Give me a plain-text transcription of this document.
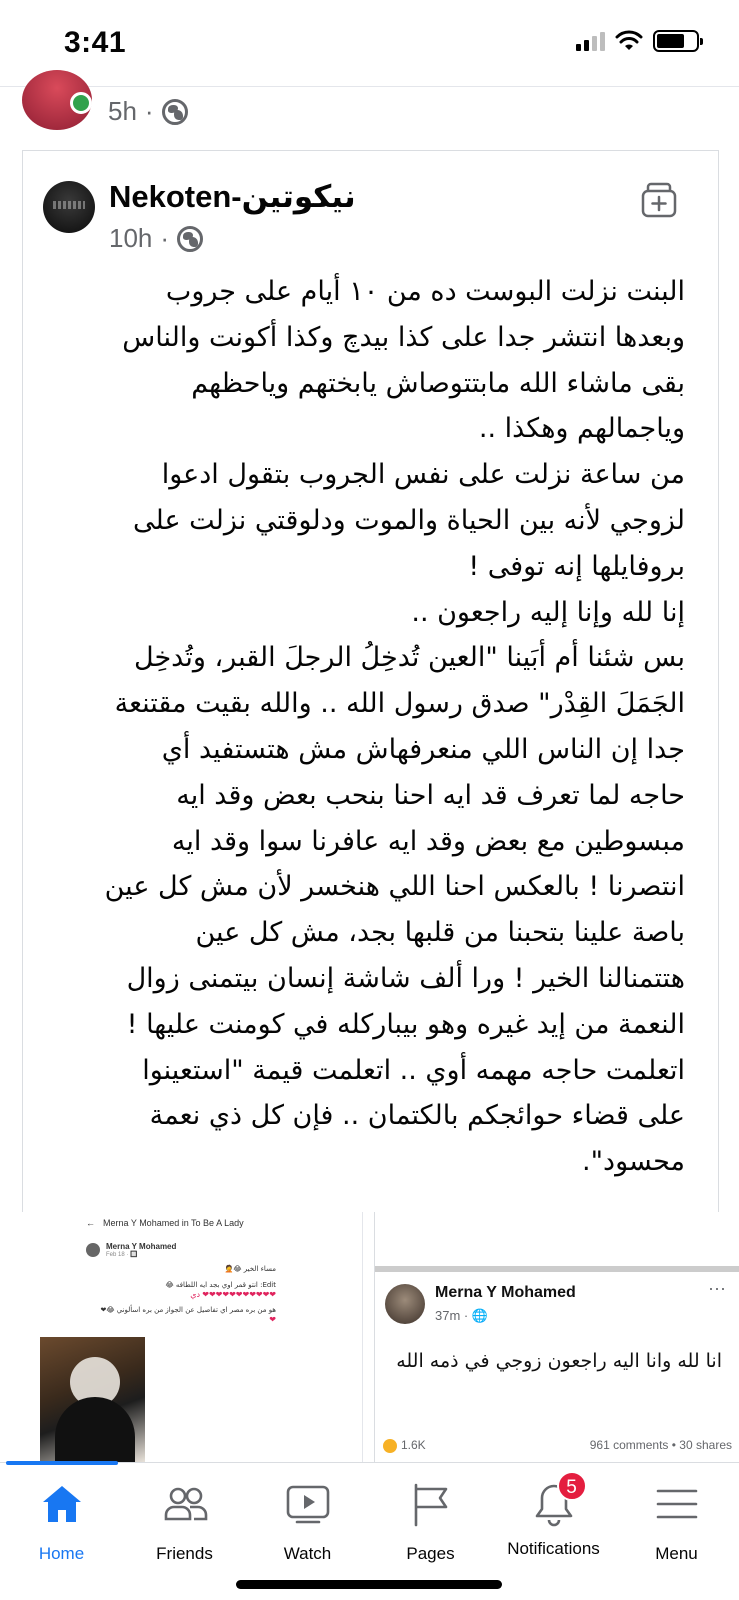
3:41
5h ·
Nekoten-نيكوتين
10h ·
البنت نزلت البوست ده من ١٠ أيام على جروب
وبعدها انتشر جدا على كذا بيدچ وكذا أكونت والناس
بقى ماشاء الله مابتتوصاش يابختهم وياحظهم
وياجمالهم وهكذا ..
من ساعة نزلت على نفس الجروب بتقول ادعوا
لزوجي لأنه بين الحياة والموت ودلوقتي نزلت على
بروفايلها إنه توفى !
إنا لله وإنا إليه راجعون ..
بس شئنا أم أبَينا "العين تُدخِلُ الرجلَ القبر، وتُدخِل
الجَمَلَ القِدْر" صدق رسول الله .. والله بقيت مقتنعة
جدا إن الناس اللي منعرفهاش مش هتستفيد أي
حاجه لما تعرف قد ايه احنا بنحب بعض وقد ايه
مبسوطين مع بعض وقد ايه عافرنا سوا وقد ايه
انتصرنا ! بالعكس احنا اللي هنخسر لأن مش كل عين
باصة علينا بتحبنا من قلبها بجد، مش كل عين
هتتمنالنا الخير ! ورا ألف شاشة إنسان بيتمنى زوال
النعمة من إيد غيره وهو بيباركله في كومنت عليها !
اتعلمت حاجه مهمه أوي .. اتعلمت قيمة "استعينوا
على قضاء حوائجكم بالكتمان .. فإن كل ذي نعمة
محسود".
← Merna Y Mohamed in To Be A Lady
Merna Y Mohamed
Feb 18 · 🔲
مساء الخير 😂🤦
Edit: انتو قمر اوي بجد ايه اللطافه 😂
❤❤❤❤❤❤❤❤❤❤❤ دي
هو من بره مصر اي تفاصيل عن الجواز من بره اسألوني 😂❤
❤
Merna Y Mohamed
37m · 🌐
···
انا لله وانا اليه راجعون زوجي في ذمه الله
1.6K	961 comments • 30 shares
Home	Friends	Watch	Pages
5
Notifications	Menu
